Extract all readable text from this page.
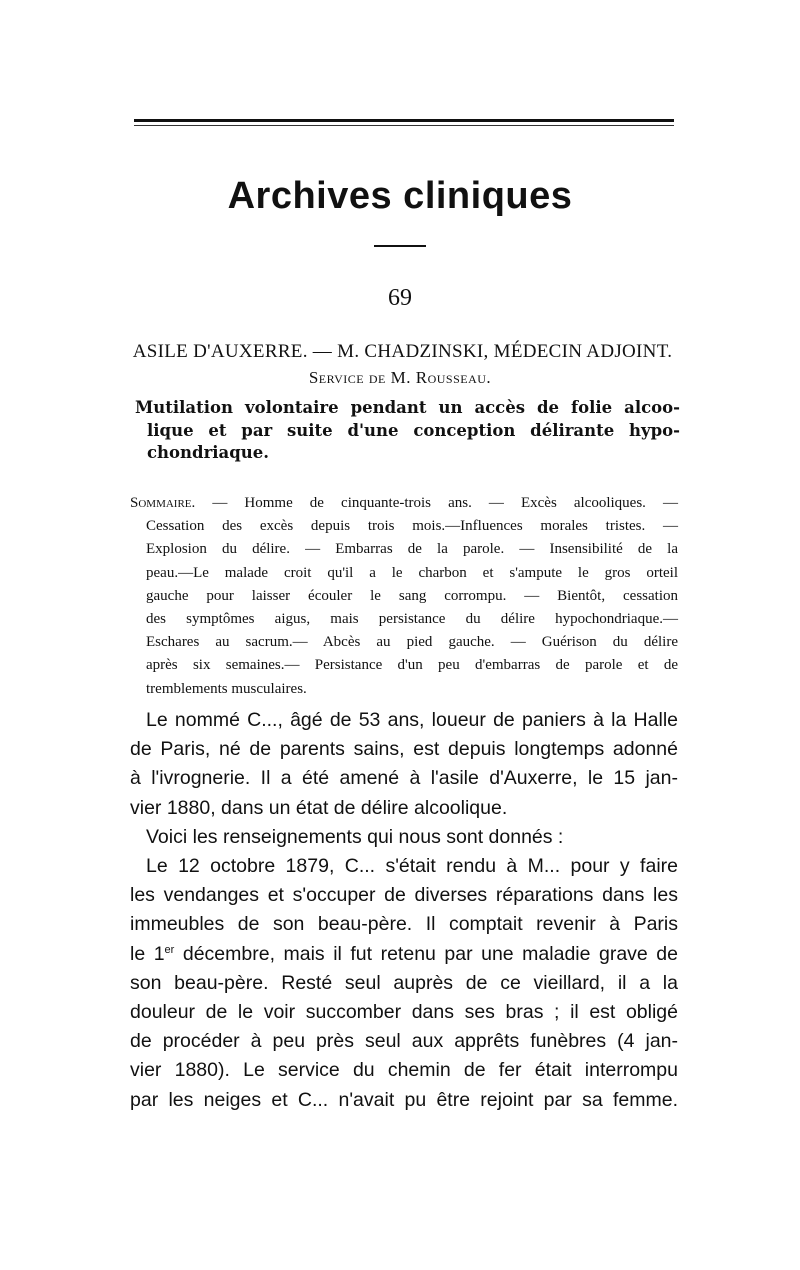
Archives cliniques
69
ASILE D'AUXERRE. — M. CHADZINSKI, MÉDECIN ADJOINT.
Service de M. Rousseau.
Mutilation volontaire pendant un accès de folie alcoo-
lique et par suite d'une conception délirante hypo-
chondriaque.
Sommaire. — Homme de cinquante-trois ans. — Excès alcooliques. —
Cessation des excès depuis trois mois.—Influences morales tristes. —
Explosion du délire. — Embarras de la parole. — Insensibilité de la
peau.—Le malade croit qu'il a le charbon et s'ampute le gros orteil
gauche pour laisser écouler le sang corrompu. — Bientôt, cessation
des symptômes aigus, mais persistance du délire hypochondriaque.—
Eschares au sacrum.— Abcès au pied gauche. — Guérison du délire
après six semaines.— Persistance d'un peu d'embarras de parole et de
tremblements musculaires.
Le nommé C..., âgé de 53 ans, loueur de paniers à la Halle
de Paris, né de parents sains, est depuis longtemps adonné
à l'ivrognerie. Il a été amené à l'asile d'Auxerre, le 15 jan-
vier 1880, dans un état de délire alcoolique.
Voici les renseignements qui nous sont donnés :
Le 12 octobre 1879, C... s'était rendu à M... pour y faire
les vendanges et s'occuper de diverses réparations dans les
immeubles de son beau-père. Il comptait revenir à Paris
le 1er décembre, mais il fut retenu par une maladie grave de
son beau-père. Resté seul auprès de ce vieillard, il a la
douleur de le voir succomber dans ses bras ; il est obligé
de procéder à peu près seul aux apprêts funèbres (4 jan-
vier 1880). Le service du chemin de fer était interrompu
par les neiges et C... n'avait pu être rejoint par sa femme.
